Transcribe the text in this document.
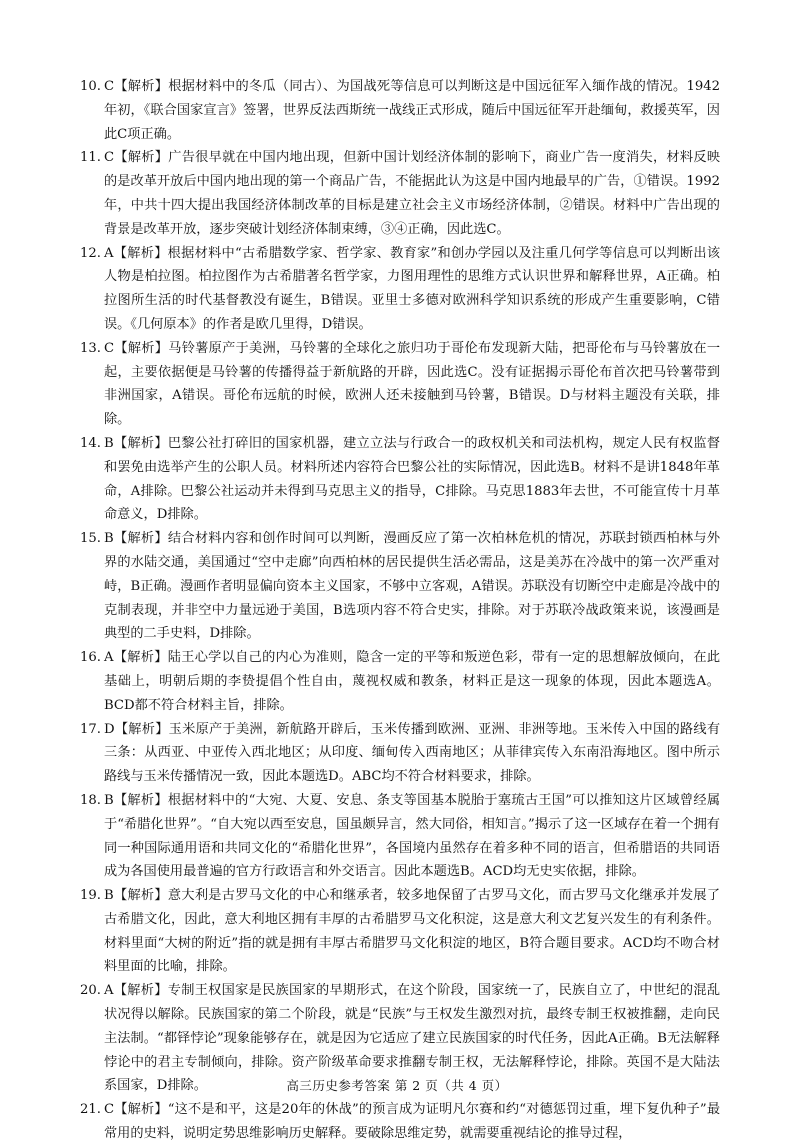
10. C【解析】根据材料中的冬瓜（同古）、为国战死等信息可以判断这是中国远征军入缅作战的情况。1942年初，《联合国家宣言》签署，世界反法西斯统一战线正式形成，随后中国远征军开赴缅甸，救援英军，因此C项正确。
11. C【解析】广告很早就在中国内地出现，但新中国计划经济体制的影响下，商业广告一度消失，材料反映的是改革开放后中国内地出现的第一个商品广告，不能据此认为这是中国内地最早的广告，①错误。1992年，中共十四大提出我国经济体制改革的目标是建立社会主义市场经济体制，②错误。材料中广告出现的背景是改革开放，逐步突破计划经济体制束缚，③④正确，因此选C。
12. A【解析】根据材料中“古希腊数学家、哲学家、教育家”和创办学园以及注重几何学等信息可以判断出该人物是柏拉图。柏拉图作为古希腊著名哲学家，力图用理性的思维方式认识世界和解释世界，A正确。柏拉图所生活的时代基督教没有诞生，B错误。亚里士多德对欧洲科学知识系统的形成产生重要影响，C错误。《几何原本》的作者是欧几里得，D错误。
13. C【解析】马铃薯原产于美洲，马铃薯的全球化之旅归功于哥伦布发现新大陆，把哥伦布与马铃薯放在一起，主要依据便是马铃薯的传播得益于新航路的开辟，因此选C。没有证据揭示哥伦布首次把马铃薯带到非洲国家，A错误。哥伦布远航的时候，欧洲人还未接触到马铃薯，B错误。D与材料主题没有关联，排除。
14. B【解析】巴黎公社打碎旧的国家机器，建立立法与行政合一的政权机关和司法机构，规定人民有权监督和罢免由选举产生的公职人员。材料所述内容符合巴黎公社的实际情况，因此选B。材料不是讲1848年革命，A排除。巴黎公社运动并未得到马克思主义的指导，C排除。马克思1883年去世，不可能宣传十月革命意义，D排除。
15. B【解析】结合材料内容和创作时间可以判断，漫画反应了第一次柏林危机的情况，苏联封锁西柏林与外界的水陆交通，美国通过“空中走廊”向西柏林的居民提供生活必需品，这是美苏在冷战中的第一次严重对峙，B正确。漫画作者明显偏向资本主义国家，不够中立客观，A错误。苏联没有切断空中走廊是冷战中的克制表现，并非空中力量远逊于美国，B选项内容不符合史实，排除。对于苏联冷战政策来说，该漫画是典型的二手史料，D排除。
16. A【解析】陆王心学以自己的内心为准则，隐含一定的平等和叛逆色彩，带有一定的思想解放倾向，在此基础上，明朝后期的李贽提倡个性自由，蔑视权威和教条，材料正是这一现象的体现，因此本题选A。BCD都不符合材料主旨，排除。
17. D【解析】玉米原产于美洲，新航路开辟后，玉米传播到欧洲、亚洲、非洲等地。玉米传入中国的路线有三条：从西亚、中亚传入西北地区；从印度、缅甸传入西南地区；从菲律宾传入东南沿海地区。图中所示路线与玉米传播情况一致，因此本题选D。ABC均不符合材料要求，排除。
18. B【解析】根据材料中的“大宛、大夏、安息、条支等国基本脱胎于塞琉古王国”可以推知这片区域曾经属于“希腊化世界”。“自大宛以西至安息，国虽颇异言，然大同俗，相知言。”揭示了这一区域存在着一个拥有同一种国际通用语和共同文化的“希腊化世界”，各国境内虽然存在着多种不同的语言，但希腊语的共同语成为各国使用最普遍的官方行政语言和外交语言。因此本题选B。ACD均无史实依据，排除。
19. B【解析】意大利是古罗马文化的中心和继承者，较多地保留了古罗马文化，而古罗马文化继承并发展了古希腊文化，因此，意大利地区拥有丰厚的古希腊罗马文化积淀，这是意大利文艺复兴发生的有利条件。材料里面“大树的附近”指的就是拥有丰厚古希腊罗马文化积淀的地区，B符合题目要求。ACD均不吻合材料里面的比喻，排除。
20. A【解析】专制王权国家是民族国家的早期形式，在这个阶段，国家统一了，民族自立了，中世纪的混乱状况得以解除。民族国家的第二个阶段，就是“民族”与王权发生激烈对抗，最终专制王权被推翻，走向民主法制。“都铎悖论”现象能够存在，就是因为它适应了建立民族国家的时代任务，因此A正确。B无法解释悖论中的君主专制倾向，排除。资产阶级革命要求推翻专制王权，无法解释悖论，排除。英国不是大陆法系国家，D排除。
21. C【解析】“这不是和平，这是20年的休战”的预言成为证明凡尔赛和约“对德惩罚过重，埋下复仇种子”最常用的史料，说明定势思维影响历史解释。要破除思维定势，就需要重视结论的推导过程，
高三历史参考答案 第 2 页（共 4 页）
